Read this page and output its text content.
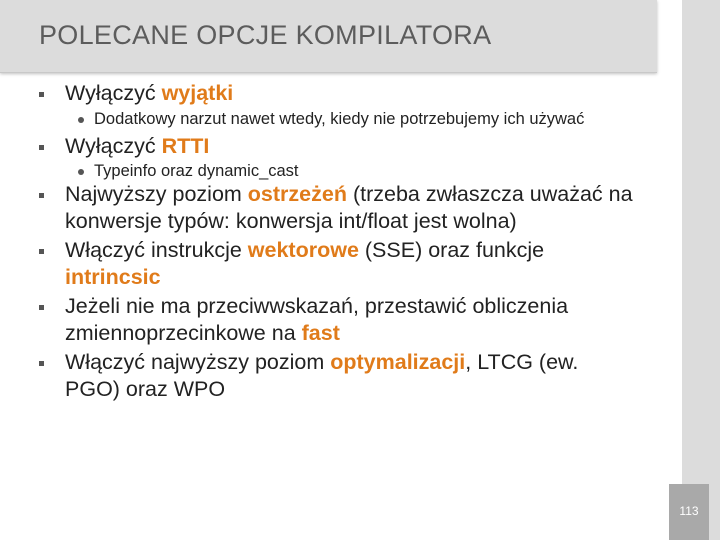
POLECANE OPCJE KOMPILATORA
113
Wyłączyć wyjątki
Dodatkowy narzut nawet wtedy, kiedy nie potrzebujemy ich używać
Wyłączyć RTTI
Typeinfo oraz dynamic_cast
Najwyższy poziom ostrzeżeń (trzeba zwłaszcza uważać na konwersje typów: konwersja int/float jest wolna)
Włączyć instrukcje wektorowe (SSE) oraz funkcje intrincsic
Jeżeli nie ma przeciwwskazań, przestawić obliczenia zmiennoprzecinkowe na fast
Włączyć najwyższy poziom optymalizacji, LTCG (ew. PGO) oraz WPO
